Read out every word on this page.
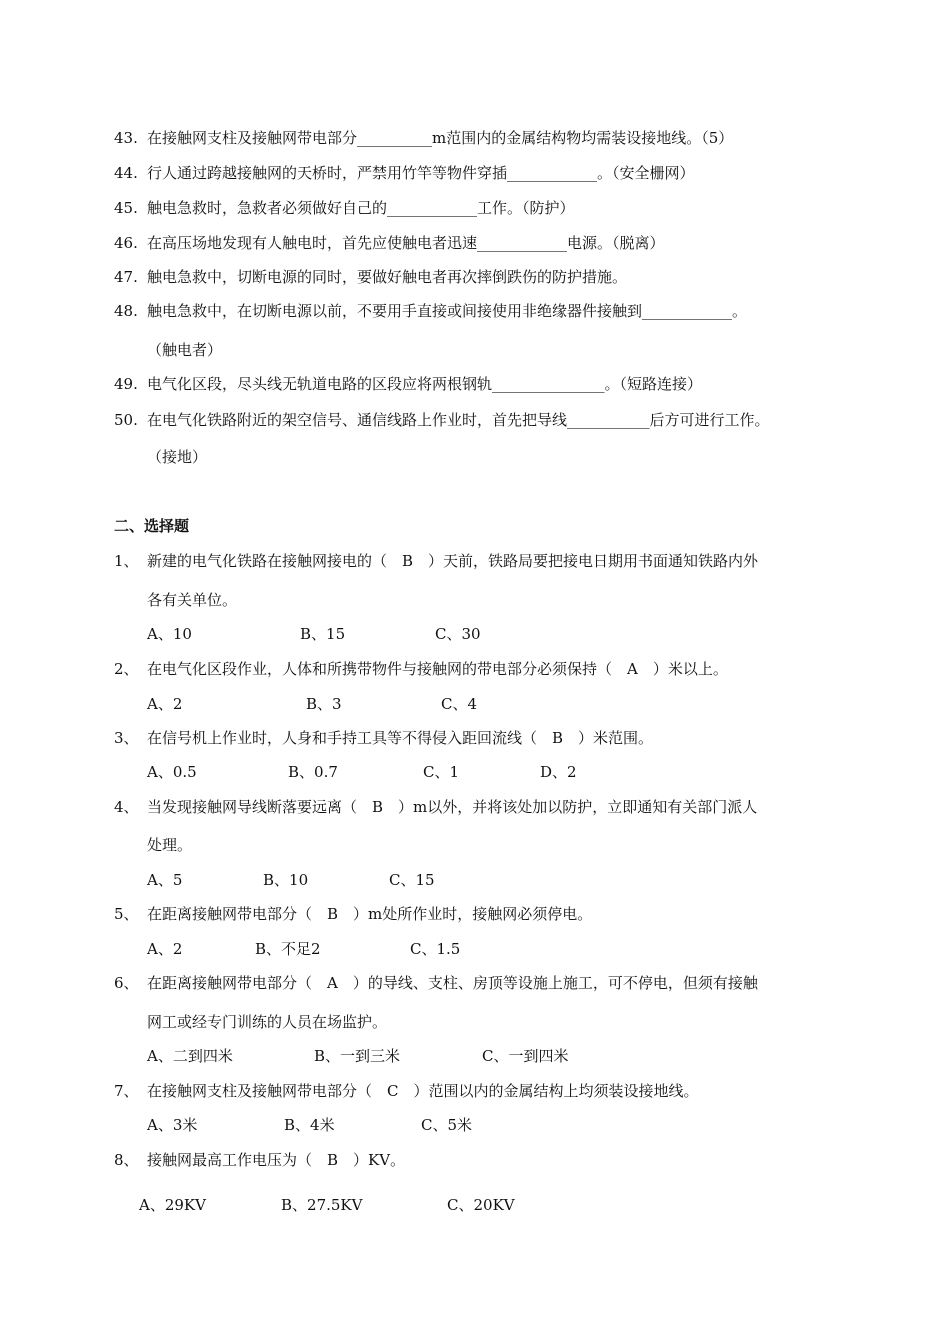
43. 在接触网支柱及接触网带电部分__________m范围内的金属结构物均需装设接地线。（5）
44. 行人通过跨越接触网的天桥时，严禁用竹竿等物件穿插____________。（安全栅网）
45. 触电急救时，急救者必须做好自己的____________工作。（防护）
46. 在高压场地发现有人触电时，首先应使触电者迅速____________电源。（脱离）
47. 触电急救中，切断电源的同时，要做好触电者再次摔倒跌伤的防护措施。
48. 触电急救中，在切断电源以前，不要用手直接或间接使用非绝缘器件接触到____________。
（触电者）
49. 电气化区段，尽头线无轨道电路的区段应将两根钢轨_______________。（短路连接）
50. 在电气化铁路附近的架空信号、通信线路上作业时，首先把导线___________后方可进行工作。
（接地）
二、选择题
1、 新建的电气化铁路在接触网接电的（　B　）天前，铁路局要把接电日期用书面通知铁路内外
各有关单位。
A、10	B、15	C、30
2、 在电气化区段作业，人体和所携带物件与接触网的带电部分必须保持（　A　）米以上。
A、2	B、3	C、4
3、 在信号机上作业时，人身和手持工具等不得侵入距回流线（　B　）米范围。
A、0.5	B、0.7	C、1	D、2
4、 当发现接触网导线断落要远离（　B　）m以外，并将该处加以防护，立即通知有关部门派人
处理。
A、5	B、10	C、15
5、 在距离接触网带电部分（　B　）m处所作业时，接触网必须停电。
A、2	B、不足2	C、1.5
6、 在距离接触网带电部分（　A　）的导线、支柱、房顶等设施上施工，可不停电，但须有接触
网工或经专门训练的人员在场监护。
A、二到四米	B、一到三米	C、一到四米
7、 在接触网支柱及接触网带电部分（　C　）范围以内的金属结构上均须装设接地线。
A、3米	B、4米	C、5米
8、 接触网最高工作电压为（　B　）KV。
A、29KV	B、27.5KV	C、20KV
